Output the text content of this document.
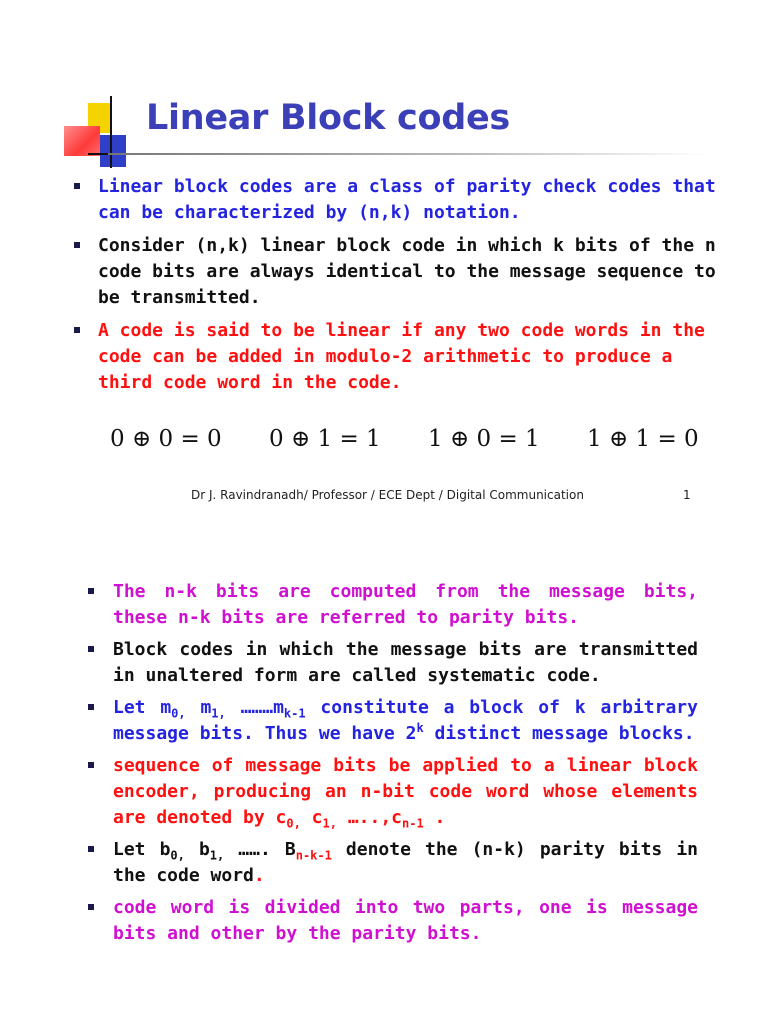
Linear Block codes
Linear block codes are a class of parity check codes that can be characterized by (n,k) notation.
Consider (n,k) linear block code in which k bits of the n code bits are always identical to the message sequence to be transmitted.
A code is said to be linear if any two code words in the code can be added in modulo-2 arithmetic to produce a third code word in the code.
0 ⊕ 0 = 0 0 ⊕ 1 = 1 1 ⊕ 0 = 1 1 ⊕ 1 = 0
Dr J. Ravindranadh/ Professor / ECE Dept / Digital Communication	1
The n-k bits are computed from the message bits, these n-k bits are referred to parity bits.
Block codes in which the message bits are transmitted in unaltered form are called systematic code.
Let $m_{0,}$ $m_{1,}$ $\dots\dots\dots m_{k-1}$ constitute a block of k arbitrary message bits. Thus we have 2$^k$ distinct message blocks.
sequence of message bits be applied to a linear block encoder, producing an n-bit code word whose elements are denoted by $c_{0,}$ $c_{1,}$ $\dots..,c_{n-1}$ .
Let $b_{0,}$ $b_{1,}$ ……. $B_{n-k-1}$ denote the (n-k) parity bits in the code word.
code word is divided into two parts, one is message bits and other by the parity bits.
